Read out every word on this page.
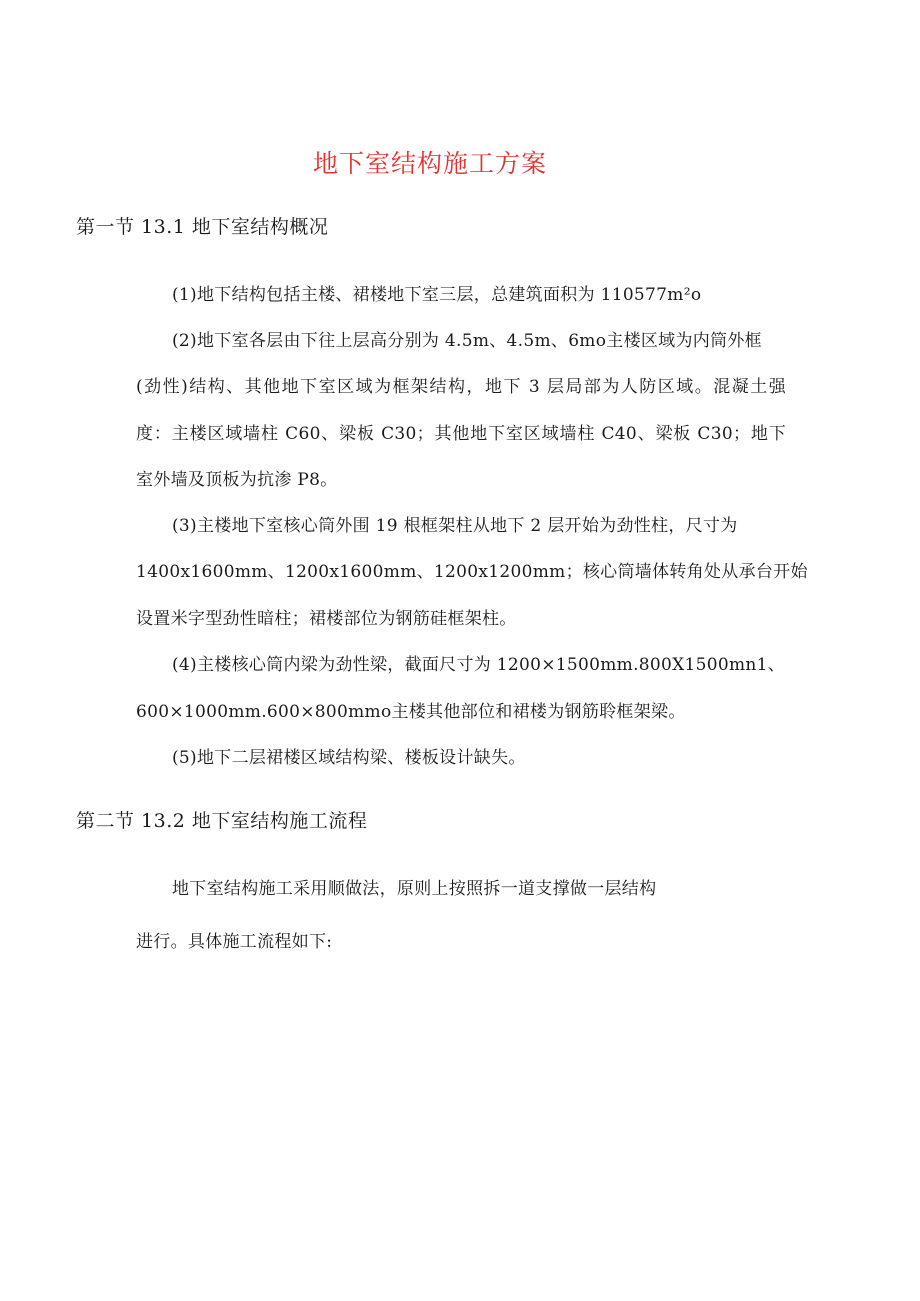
地下室结构施工方案
第一节 13.1 地下室结构概况
(1)地下结构包括主楼、裙楼地下室三层，总建筑面积为 110577m²o
(2)地下室各层由下往上层高分别为 4.5m、4.5m、6mo主楼区域为内筒外框
(劲性)结构、其他地下室区域为框架结构，地下 3 层局部为人防区域。混凝土强
度：主楼区域墙柱 C60、梁板 C30；其他地下室区域墙柱 C40、梁板 C30；地下
室外墙及顶板为抗渗 P8。
(3)主楼地下室核心筒外围 19 根框架柱从地下 2 层开始为劲性柱，尺寸为
1400x1600mm、1200x1600mm、1200x1200mm；核心筒墙体转角处从承台开始
设置米字型劲性暗柱；裙楼部位为钢筋硅框架柱。
(4)主楼核心筒内梁为劲性梁，截面尺寸为 1200×1500mm.800X1500mn1、
600×1000mm.600×800mmo主楼其他部位和裙楼为钢筋聆框架梁。
(5)地下二层裙楼区域结构梁、楼板设计缺失。
第二节 13.2 地下室结构施工流程
地下室结构施工采用顺做法，原则上按照拆一道支撑做一层结构
进行。具体施工流程如下:
